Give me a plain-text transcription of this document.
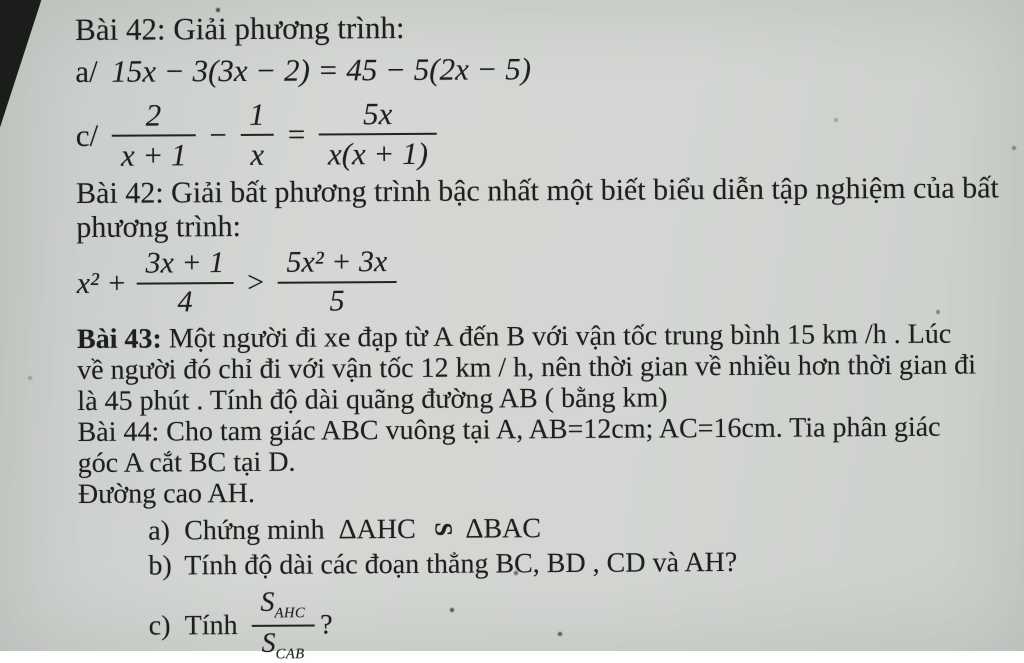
Bài 42: Giải phương trình:
a/ 15x − 3(3x − 2) = 45 − 5(2x − 5)
$c/ \frac{2}{x + 1} - \frac{1}{x} = \frac{5x}{x(x + 1)}$
Bài 42: Giải bất phương trình bậc nhất một biết biểu diễn tập nghiệm của bất
phương trình:
$x^2 + \frac{3x + 1}{4} > \frac{\text{5x² + 3x}}{5}$
Bài 43: Một người đi xe đạp từ A đến B với vận tốc trung bình 15 km /h . Lúc
về người đó chỉ đi với vận tốc 12 km / h, nên thời gian về nhiều hơn thời gian đi
là 45 phút . Tính độ dài quãng đường AB ( bằng km)
Bài 44: Cho tam giác ABC vuông tại A, AB=12cm; AC=16cm. Tia phân giác
góc A cắt BC tại D.
Đường cao AH.
a) Chứng minh ΔAHC S ΔBAC
b) Tính độ dài các đoạn thẳng BC, BD , CD và AH?
c) Tính $\frac{S_{AHC}}{S_{CAB}}$ ?
